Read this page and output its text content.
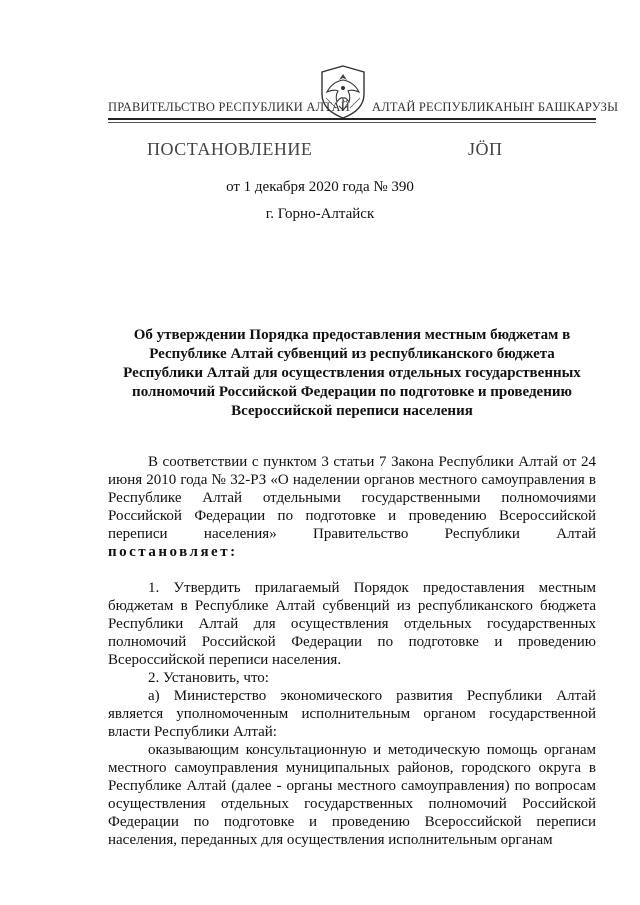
ПРАВИТЕЛЬСТВО РЕСПУБЛИКИ АЛТАЙ АЛТАЙ РЕСПУБЛИКАНЫҤ БАШКАРУЗЫ
ПОСТАНОВЛЕНИЕ	JӦП
от 1 декабря 2020 года № 390
г. Горно-Алтайск
Об утверждении Порядка предоставления местным бюджетам в Республике Алтай субвенций из республиканского бюджета Республики Алтай для осуществления отдельных государственных полномочий Российской Федерации по подготовке и проведению Всероссийской переписи населения

В соответствии с пунктом 3 статьи 7 Закона Республики Алтай от 24 июня 2010 года № 32-РЗ «О наделении органов местного самоуправления в Республике Алтай отдельными государственными полномочиями Российской Федерации по подготовке и проведению Всероссийской переписи населения» Правительство Республики Алтай постановляет:

1. Утвердить прилагаемый Порядок предоставления местным бюджетам в Республике Алтай субвенций из республиканского бюджета Республики Алтай для осуществления отдельных государственных полномочий Российской Федерации по подготовке и проведению Всероссийской переписи населения.

2. Установить, что:

а) Министерство экономического развития Республики Алтай является уполномоченным исполнительным органом государственной власти Республики Алтай:

оказывающим консультационную и методическую помощь органам местного самоуправления муниципальных районов, городского округа в Республике Алтай (далее - органы местного самоуправления) по вопросам осуществления отдельных государственных полномочий Российской Федерации по подготовке и проведению Всероссийской переписи населения, переданных для осуществления исполнительным органам
